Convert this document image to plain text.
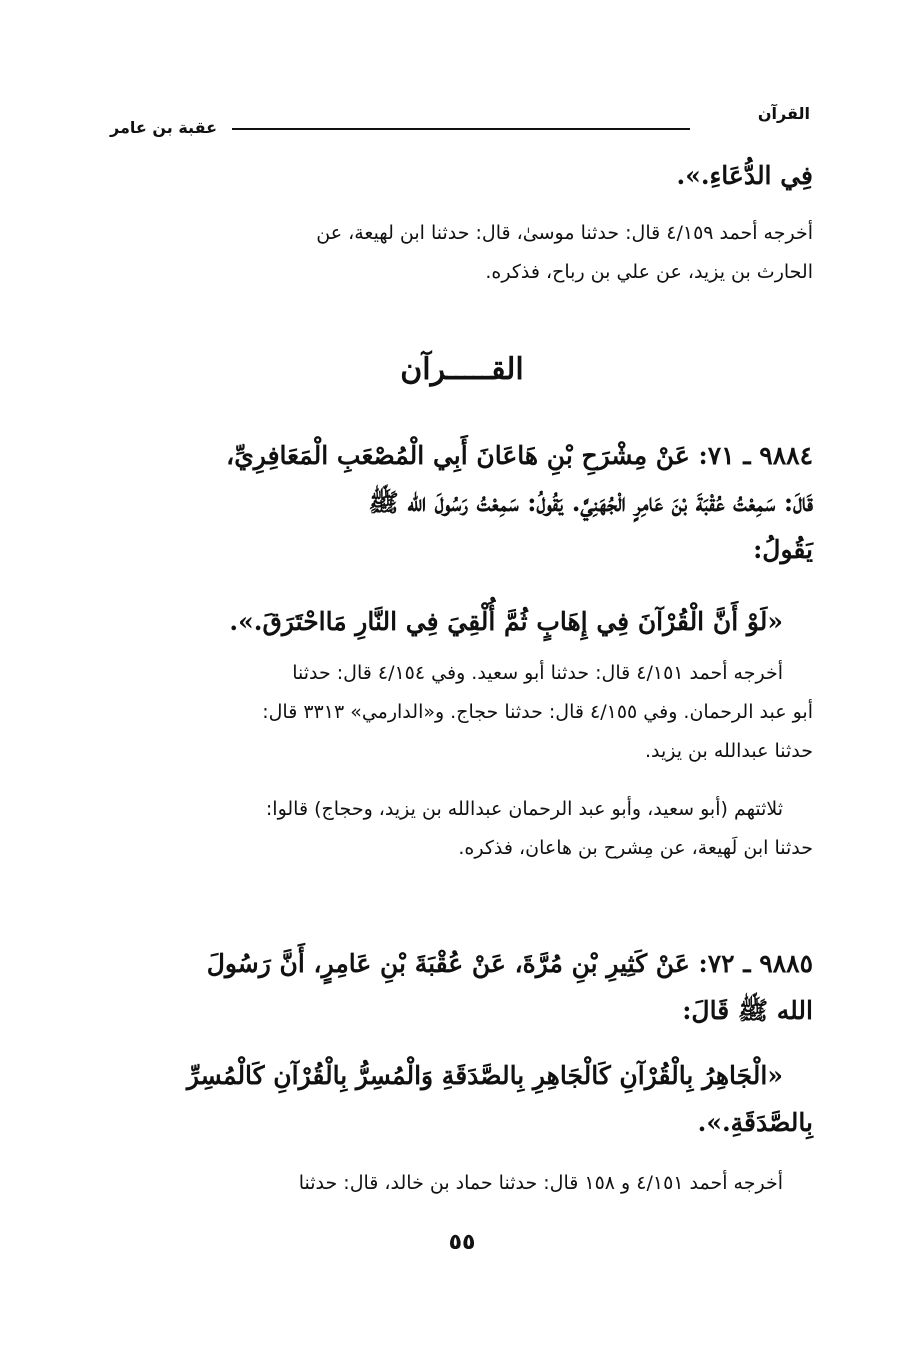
القرآن
عقبة بن عامر
فِي الدُّعَاءِ.».
أخرجه أحمد ٤/١٥٩ قال: حدثنا موسىٰ، قال: حدثنا ابن لهيعة، عن
الحارث بن يزيد، عن علي بن رباح، فذكره.
القـــــرآن
٩٨٨٤ ـ ٧١: عَنْ مِشْرَحِ بْنِ هَاعَانَ أَبِي الْمُصْعَبِ الْمَعَافِرِيِّ،
قَالَ: سَمِعْتُ عُقْبَةَ بْنَ عَامِرٍ الْجُهَنِيَّ. يَقُولُ: سَمِعْتُ رَسُولَ الله ﷺ
يَقُولُ:
«لَوْ أَنَّ الْقُرْآنَ فِي إِهَابٍ ثُمَّ أُلْقِيَ فِي النَّارِ مَااحْتَرَقَ.».
أخرجه أحمد ٤/١٥١ قال: حدثنا أبو سعيد. وفي ٤/١٥٤ قال: حدثنا
أبو عبد الرحمان. وفي ٤/١٥٥ قال: حدثنا حجاج. و«الدارمي» ٣٣١٣ قال:
حدثنا عبدالله بن يزيد.
ثلاثتهم (أبو سعيد، وأبو عبد الرحمان عبدالله بن يزيد، وحجاج) قالوا:
حدثنا ابن لَهيعة، عن مِشرح بن هاعان، فذكره.
٩٨٨٥ ـ ٧٢: عَنْ كَثِيرِ بْنِ مُرَّةَ، عَنْ عُقْبَةَ بْنِ عَامِرٍ، أَنَّ رَسُولَ
الله ﷺ قَالَ:
«الْجَاهِرُ بِالْقُرْآنِ كَالْجَاهِرِ بِالصَّدَقَةِ وَالْمُسِرُّ بِالْقُرْآنِ كَالْمُسِرِّ
بِالصَّدَقَةِ.».
أخرجه أحمد ٤/١٥١ و ١٥٨ قال: حدثنا حماد بن خالد، قال: حدثنا
٥٥
